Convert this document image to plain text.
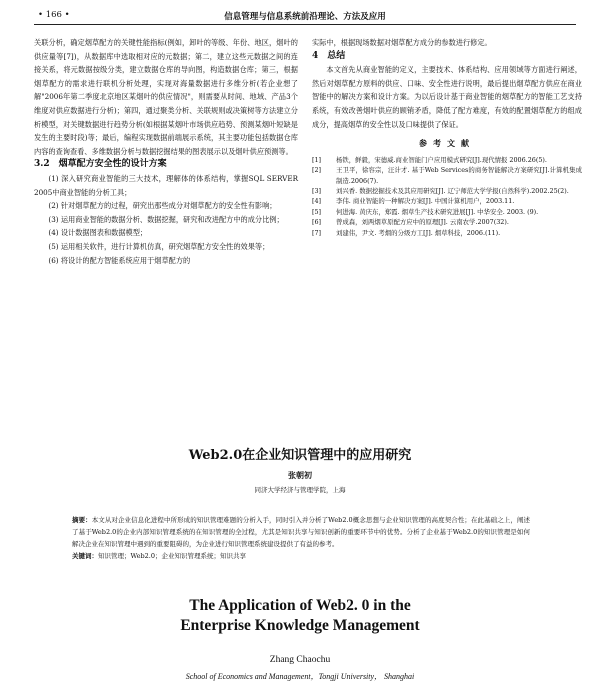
• 166 •	信息管理与信息系统前沿理论、方法及应用

关联分析，确定烟草配方的关键性能指标(例如，卸叶的等级、年份、地区，烟叶的供应量等[7])，从数据库中选取相对应的元数据；第二，建立这些元数据之间的连接关系，将元数据按级分类，建立数据仓库的导向图，构造数据仓库；第三，根据烟草配方的需求进行联机分析处理，实现对海量数据进行多维分析(若企业想了解"2006年第二季度北京地区某烟叶的供应情况"，则需要从时间、地域、产品3个维度对供应数据进行分析)；第四，通过聚类分析、关联规则或决策树等方法建立分析模型，对关键数据进行趋势分析(如根据某烟叶市场供应趋势、预测某烟叶短缺是发生的主要时段)等；最后，编程实现数据前端展示系统，其主要功能包括数据仓库内容的查询查看、多维数据分析与数据挖掘结果的图表展示以及烟叶供应预测等。

3.2　烟草配方安全性的设计方案

(1) 深入研究商业智能的三大技术，理解体的体系结构，掌握SQL SERVER 2005中商业智能的分析工具；

(2) 针对烟草配方的过程，研究出那些成分对烟草配方的安全性有影响；

(3) 运用商业智能的数据分析、数据挖掘，研究和改进配方中的成分比例；

(4) 设计数据图表和数据模型；

(5) 运用相关软件，进行计算机仿真，研究烟草配方安全性的效果等；

(6) 将设计的配方智能系统应用于烟草配方的

实际中，根据现场数据对烟草配方成分的参数进行修定。

4　总结

本文首先从商业智能的定义，主要技术、体系结构、应用领域等方面进行阐述，然后对烟草配方原料的供应、口味、安全性进行说明，最后提出烟草配方供应在商业智能中的解决方案和设计方案。为以后设计基于商业智能的烟草配方的智能工艺支持系统，有效改善烟叶供应的顾销矛盾，降低了配方难度，有效的配置烟草配方的组成成分，提高烟草的安全性以及口味提供了保证。

参考文献
[1]	杨铁，鲜毅，宋德威.商业智能门户应用模式研究[J].现代情报 2006.26(5).
[2]	王卫平，徐容宗，汪计才. 基于Web Services的商务智能解决方案研究[J].计算机集成制造.2006(7).
[3]	刘兴香. 数据挖掘技术及其应用研究[J]. 辽宁师范大学学报(自然科学).2002.25(2).
[4]	李伟. 商业智能的一种解决方案[J]. 中国计算机用户，2003.11.
[5]	何进海. 黄庆东，郑霞. 烟草生产技术研究进展[J]. 中华安全. 2003. (9).
[6]	曾成森，刘两烟草原配方应中的原理[J]. 云南农学.2007(32).
[7]	刘建伟，尹文. 考烟的分级方工[J]. 烟草科技，2006.(11).
Web2.0在企业知识管理中的应用研究
张朝初
同济大学经济与管理学院，上海
摘要：本文从对企业信息化进程中所形成的知识管理难题的分析入手，同时引入并分析了Web2.0概念思想与企业知识管理的高度契合性；在此基础之上，阐述了基于Web2.0的企业内部知识管理系统的在知识管理的全过程，尤其是知识共享与知识创新的重要环节中的优势。分析了企业基于Web2.0的知识管理是如何解决企业在知识管理中遇到的重要阻碍的，为企业进行知识管理系统建设提供了有益的参考。
关键词：知识管理；Web2.0；企业知识管理系统；知识共享
The Application of Web2. 0 in the
Enterprise Knowledge Management
Zhang Chaochu
School of Economics and Management，Tongji University， Shanghai
